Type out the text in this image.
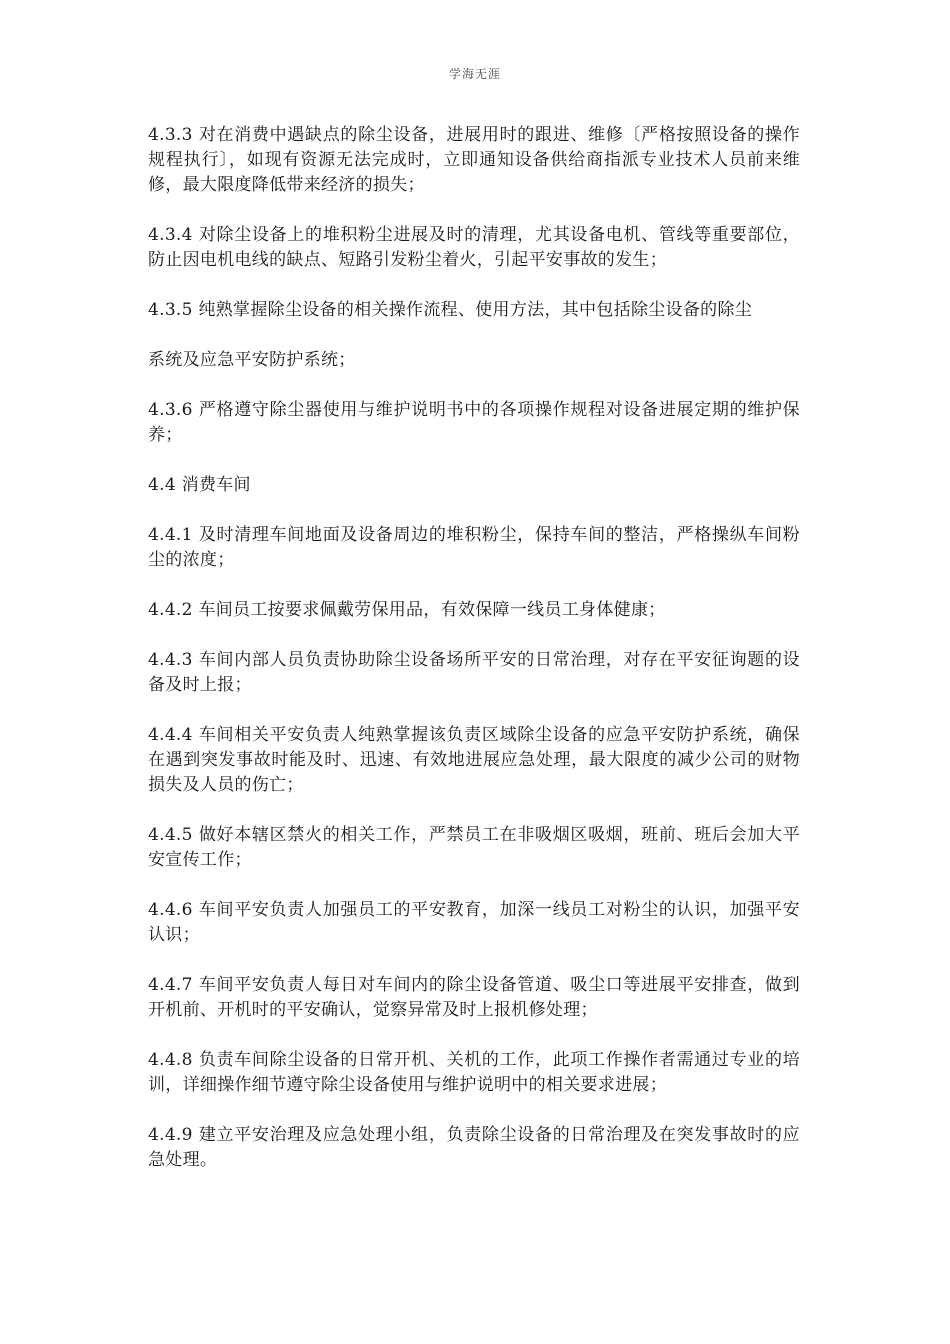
学海无涯

4.3.3 对在消费中遇缺点的除尘设备，进展用时的跟进、维修〔严格按照设备的操作规程执行〕，如现有资源无法完成时，立即通知设备供给商指派专业技术人员前来维修，最大限度降低带来经济的损失；

4.3.4 对除尘设备上的堆积粉尘进展及时的清理，尤其设备电机、管线等重要部位，防止因电机电线的缺点、短路引发粉尘着火，引起平安事故的发生；

4.3.5 纯熟掌握除尘设备的相关操作流程、使用方法，其中包括除尘设备的除尘

系统及应急平安防护系统；

4.3.6 严格遵守除尘器使用与维护说明书中的各项操作规程对设备进展定期的维护保养；

4.4 消费车间

4.4.1 及时清理车间地面及设备周边的堆积粉尘，保持车间的整洁，严格操纵车间粉尘的浓度；

4.4.2 车间员工按要求佩戴劳保用品，有效保障一线员工身体健康；

4.4.3 车间内部人员负责协助除尘设备场所平安的日常治理，对存在平安征询题的设备及时上报；

4.4.4 车间相关平安负责人纯熟掌握该负责区域除尘设备的应急平安防护系统，确保在遇到突发事故时能及时、迅速、有效地进展应急处理，最大限度的减少公司的财物损失及人员的伤亡；

4.4.5 做好本辖区禁火的相关工作，严禁员工在非吸烟区吸烟，班前、班后会加大平安宣传工作；

4.4.6 车间平安负责人加强员工的平安教育，加深一线员工对粉尘的认识，加强平安认识；

4.4.7 车间平安负责人每日对车间内的除尘设备管道、吸尘口等进展平安排查，做到开机前、开机时的平安确认，觉察异常及时上报机修处理；

4.4.8 负责车间除尘设备的日常开机、关机的工作，此项工作操作者需通过专业的培训，详细操作细节遵守除尘设备使用与维护说明中的相关要求进展；

4.4.9 建立平安治理及应急处理小组，负责除尘设备的日常治理及在突发事故时的应急处理。
